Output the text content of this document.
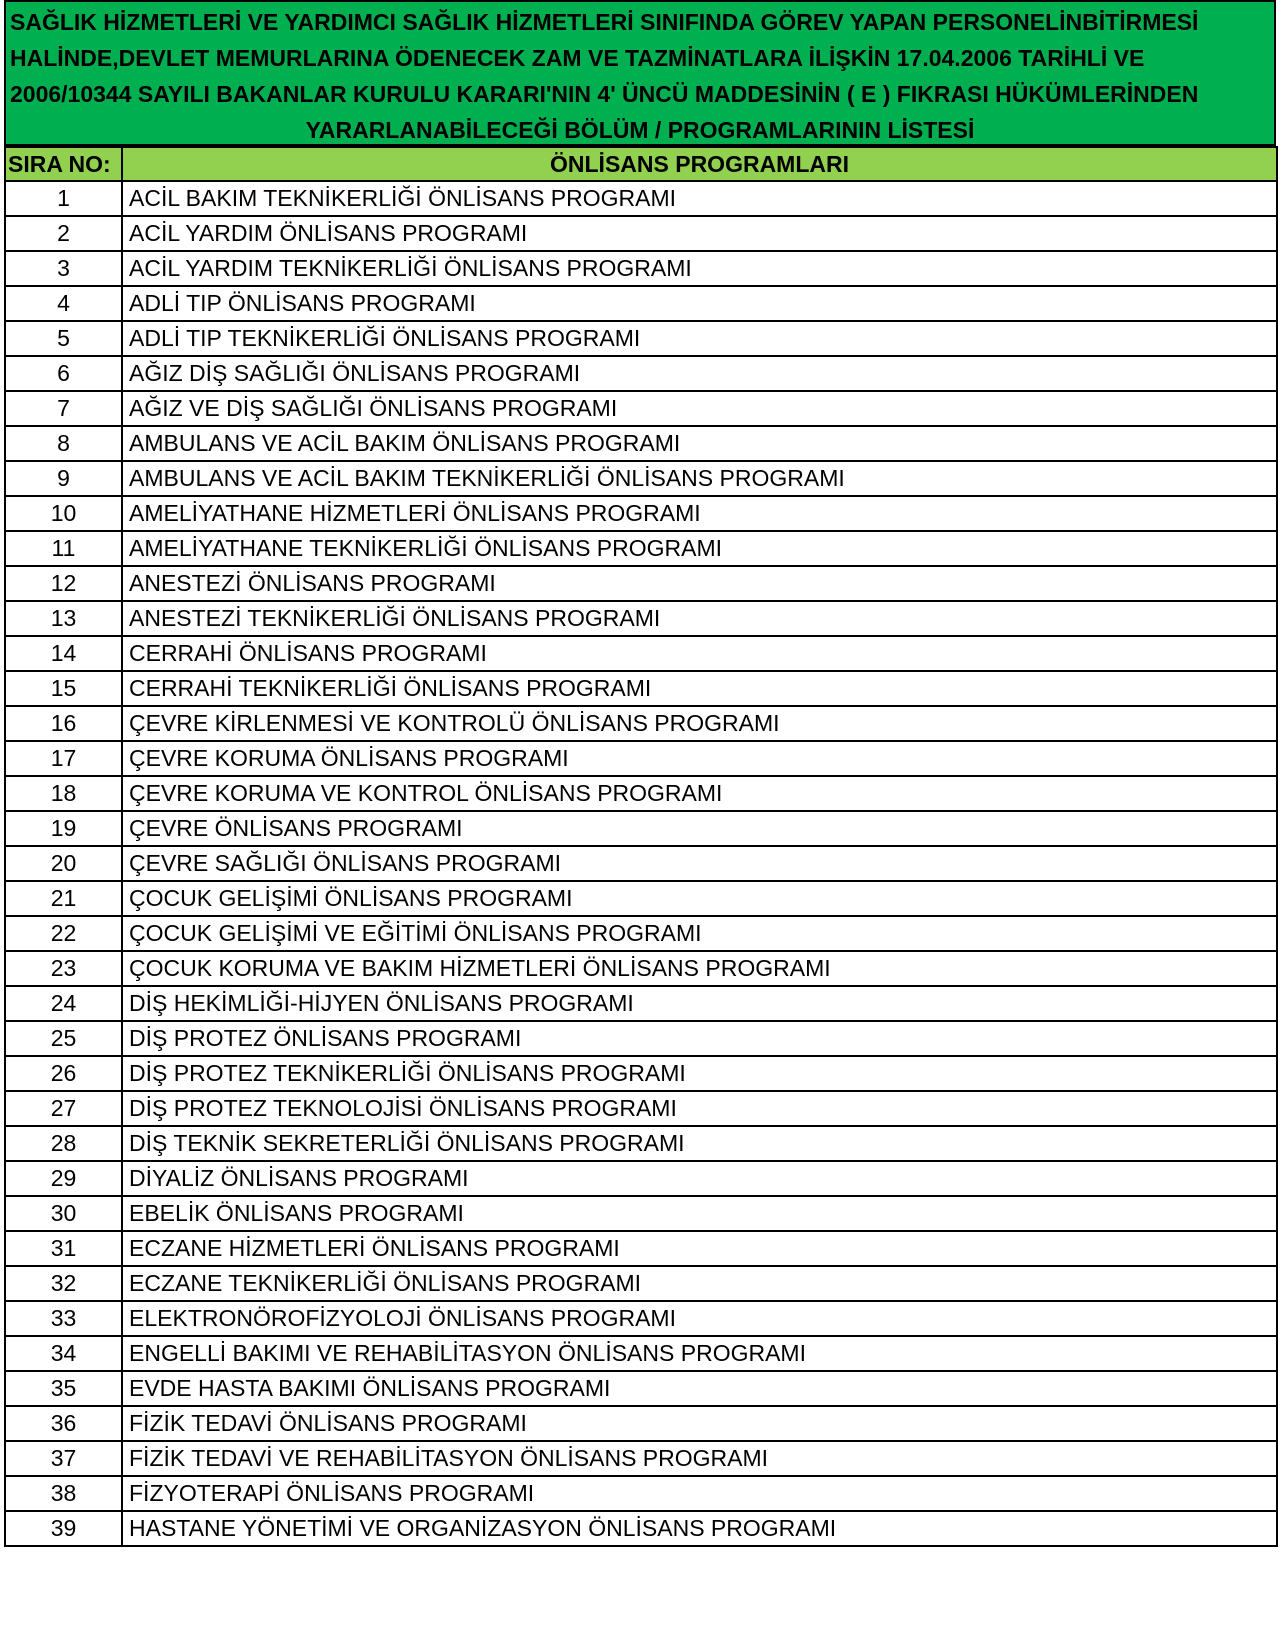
SAĞLIK HİZMETLERİ VE YARDIMCI SAĞLIK HİZMETLERİ SINIFINDA GÖREV YAPAN PERSONELİNBİTİRMESİ
HALİNDE,DEVLET MEMURLARINA ÖDENECEK ZAM VE TAZMİNATLARA İLİŞKİN 17.04.2006 TARİHLİ VE
2006/10344 SAYILI BAKANLAR KURULU KARARI'NIN 4' ÜNCÜ MADDESİNİN ( E ) FIKRASI HÜKÜMLERİNDEN
YARARLANABİLECEĞİ BÖLÜM / PROGRAMLARININ LİSTESİ
SIRA NO:	ÖNLİSANS PROGRAMLARI
1	ACİL BAKIM TEKNİKERLİĞİ ÖNLİSANS PROGRAMI
2	ACİL YARDIM ÖNLİSANS PROGRAMI
3	ACİL YARDIM TEKNİKERLİĞİ ÖNLİSANS PROGRAMI
4	ADLİ TIP ÖNLİSANS PROGRAMI
5	ADLİ TIP TEKNİKERLİĞİ ÖNLİSANS PROGRAMI
6	AĞIZ DİŞ SAĞLIĞI ÖNLİSANS PROGRAMI
7	AĞIZ VE DİŞ SAĞLIĞI ÖNLİSANS PROGRAMI
8	AMBULANS VE ACİL BAKIM ÖNLİSANS PROGRAMI
9	AMBULANS VE ACİL BAKIM TEKNİKERLİĞİ ÖNLİSANS PROGRAMI
10	AMELİYATHANE HİZMETLERİ ÖNLİSANS PROGRAMI
11	AMELİYATHANE TEKNİKERLİĞİ ÖNLİSANS PROGRAMI
12	ANESTEZİ ÖNLİSANS PROGRAMI
13	ANESTEZİ TEKNİKERLİĞİ ÖNLİSANS PROGRAMI
14	CERRAHİ ÖNLİSANS PROGRAMI
15	CERRAHİ TEKNİKERLİĞİ ÖNLİSANS PROGRAMI
16	ÇEVRE KİRLENMESİ VE KONTROLÜ ÖNLİSANS PROGRAMI
17	ÇEVRE KORUMA ÖNLİSANS PROGRAMI
18	ÇEVRE KORUMA VE KONTROL ÖNLİSANS PROGRAMI
19	ÇEVRE ÖNLİSANS PROGRAMI
20	ÇEVRE SAĞLIĞI ÖNLİSANS PROGRAMI
21	ÇOCUK GELİŞİMİ ÖNLİSANS PROGRAMI
22	ÇOCUK GELİŞİMİ VE EĞİTİMİ ÖNLİSANS PROGRAMI
23	ÇOCUK KORUMA VE BAKIM HİZMETLERİ ÖNLİSANS PROGRAMI
24	DİŞ HEKİMLİĞİ-HİJYEN ÖNLİSANS PROGRAMI
25	DİŞ PROTEZ ÖNLİSANS PROGRAMI
26	DİŞ PROTEZ TEKNİKERLİĞİ ÖNLİSANS PROGRAMI
27	DİŞ PROTEZ TEKNOLOJİSİ ÖNLİSANS PROGRAMI
28	DİŞ TEKNİK SEKRETERLİĞİ ÖNLİSANS PROGRAMI
29	DİYALİZ ÖNLİSANS PROGRAMI
30	EBELİK ÖNLİSANS PROGRAMI
31	ECZANE HİZMETLERİ ÖNLİSANS PROGRAMI
32	ECZANE TEKNİKERLİĞİ ÖNLİSANS PROGRAMI
33	ELEKTRONÖROFİZYOLOJİ ÖNLİSANS PROGRAMI
34	ENGELLİ BAKIMI VE REHABİLİTASYON ÖNLİSANS PROGRAMI
35	EVDE HASTA BAKIMI ÖNLİSANS PROGRAMI
36	FİZİK TEDAVİ ÖNLİSANS PROGRAMI
37	FİZİK TEDAVİ VE REHABİLİTASYON ÖNLİSANS PROGRAMI
38	FİZYOTERAPİ ÖNLİSANS PROGRAMI
39	HASTANE YÖNETİMİ VE ORGANİZASYON ÖNLİSANS PROGRAMI
